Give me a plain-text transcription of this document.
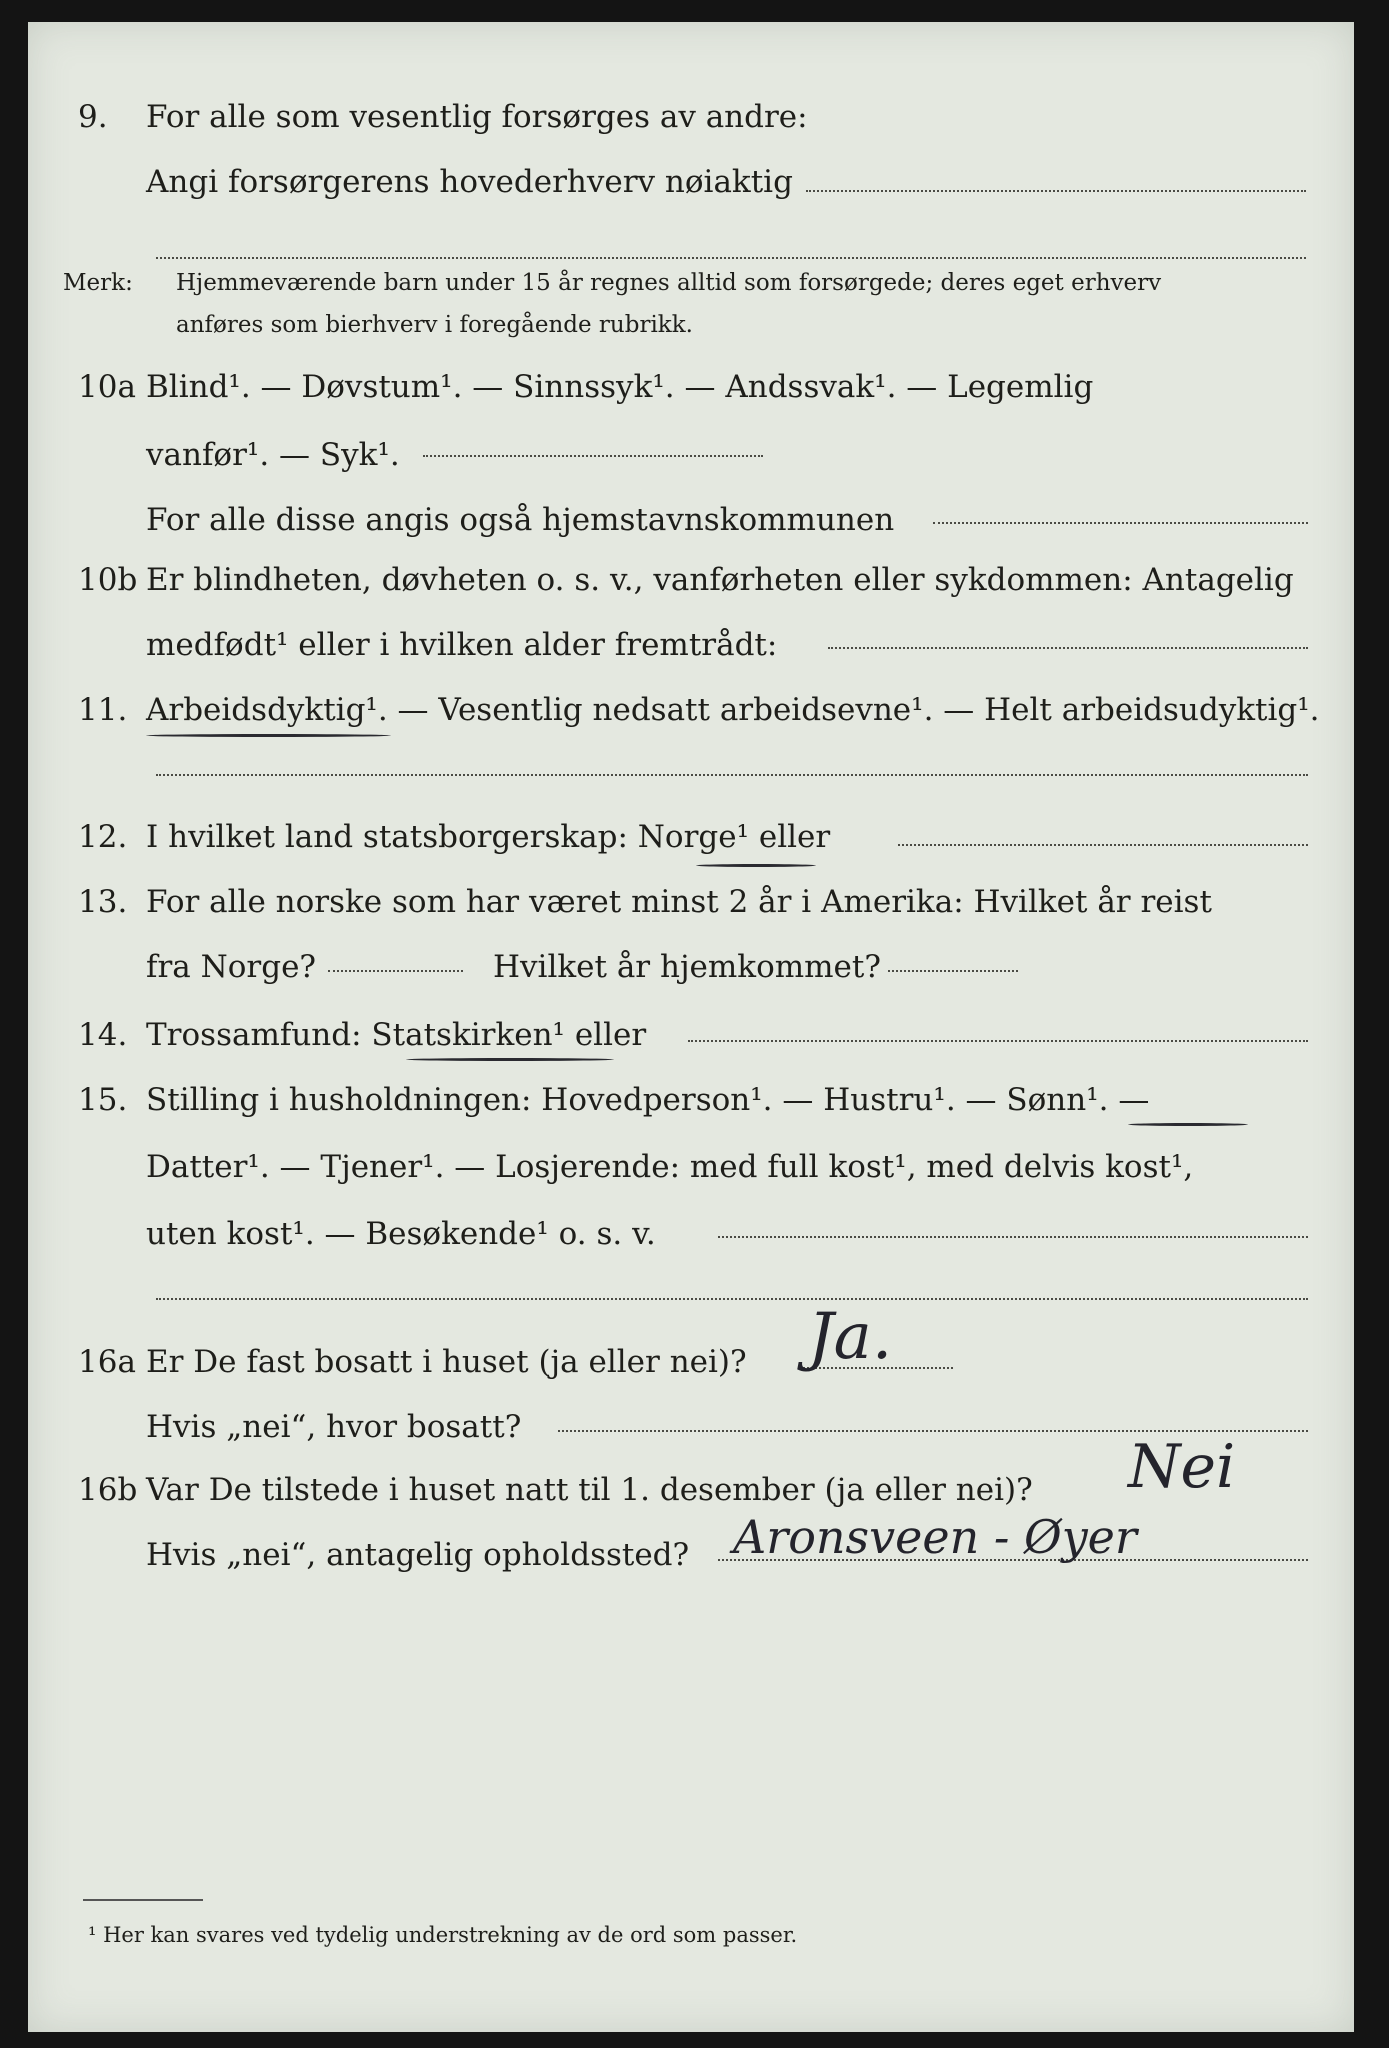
9. For alle som vesentlig forsørges av andre:
Angi forsørgerens hovederhverv nøiaktig
Merk: Hjemmeværende barn under 15 år regnes alltid som forsørgede; deres eget erhverv
anføres som bierhverv i foregående rubrikk.
10a Blind¹. — Døvstum¹. — Sinnssyk¹. — Andssvak¹. — Legemlig
vanfør¹. — Syk¹.
For alle disse angis også hjemstavnskommunen
10b Er blindheten, døvheten o. s. v., vanførheten eller sykdommen: Antagelig
medfødt¹ eller i hvilken alder fremtrådt:
11. Arbeidsdyktig¹. — Vesentlig nedsatt arbeidsevne¹. — Helt arbeidsudyktig¹.
12. I hvilket land statsborgerskap: Norge¹ eller
13. For alle norske som har været minst 2 år i Amerika: Hvilket år reist
fra Norge?	Hvilket år hjemkommet?
14. Trossamfund: Statskirken¹ eller
15. Stilling i husholdningen: Hovedperson¹. — Hustru¹. — Sønn¹. —
Datter¹. — Tjener¹. — Losjerende: med full kost¹, med delvis kost¹,
uten kost¹. — Besøkende¹ o. s. v.
16a Er De fast bosatt i huset (ja eller nei)? Ja.
Hvis „nei“, hvor bosatt?
16b Var De tilstede i huset natt til 1. desember (ja eller nei)? Nei
Hvis „nei“, antagelig opholdssted? Aronsveen - Øyer
¹ Her kan svares ved tydelig understrekning av de ord som passer.
